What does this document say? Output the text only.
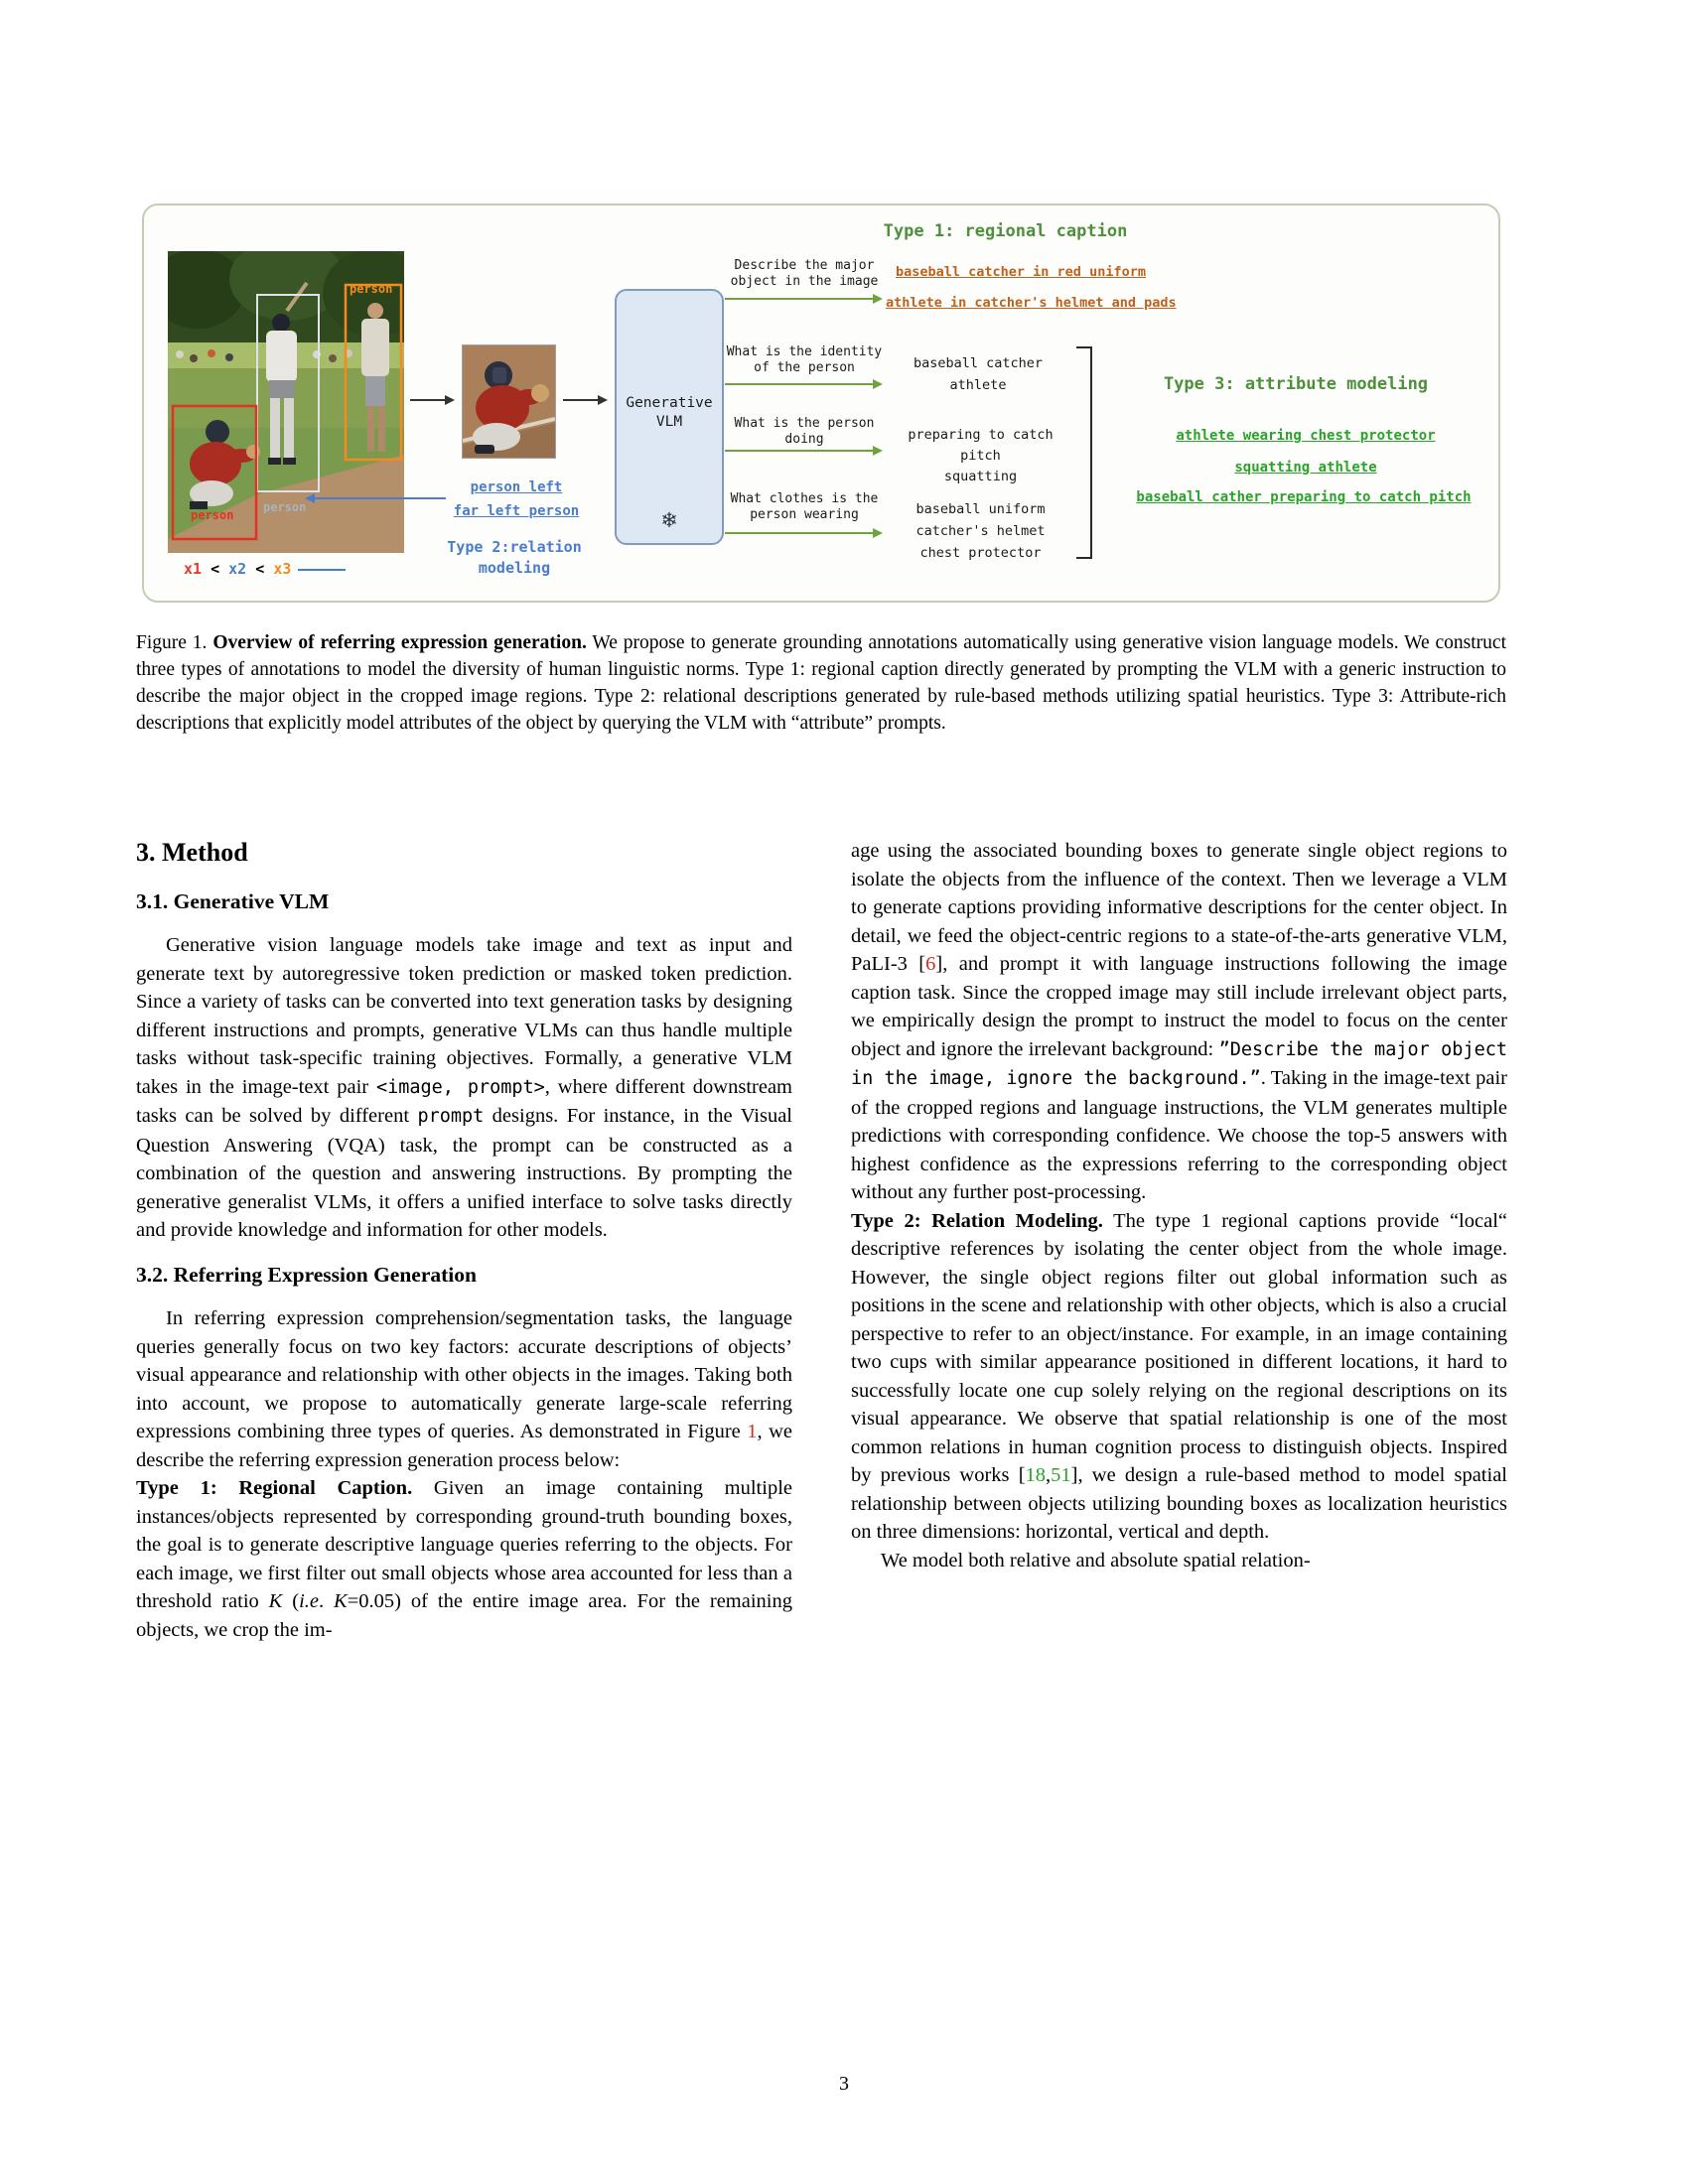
person
person
person
x1 < x2 < x3
Generative
VLM
❄
person left
far left person
Type 2:relation
modeling
Type 1: regional caption
Describe the major
object in the image
baseball catcher in red uniform
athlete in catcher's helmet and pads
What is the identity
of the person	baseball catcher
athlete
What is the person
doing	preparing to catch pitch
squatting
What clothes is the
person wearing	baseball uniform
catcher's helmet
chest protector
Type 3: attribute modeling
athlete wearing chest protector
squatting athlete
baseball cather preparing to catch pitch
Figure 1. Overview of referring expression generation. We propose to generate grounding annotations automatically using generative vision language models. We construct three types of annotations to model the diversity of human linguistic norms. Type 1: regional caption directly generated by prompting the VLM with a generic instruction to describe the major object in the cropped image regions. Type 2: relational descriptions generated by rule-based methods utilizing spatial heuristics. Type 3: Attribute-rich descriptions that explicitly model attributes of the object by querying the VLM with “attribute” prompts.
3. Method
3.1. Generative VLM

Generative vision language models take image and text as input and generate text by autoregressive token prediction or masked token prediction. Since a variety of tasks can be converted into text generation tasks by designing different instructions and prompts, generative VLMs can thus handle multiple tasks without task-specific training objectives. Formally, a generative VLM takes in the image-text pair <image, prompt>, where different downstream tasks can be solved by different prompt designs. For instance, in the Visual Question Answering (VQA) task, the prompt can be constructed as a combination of the question and answering instructions. By prompting the generative generalist VLMs, it offers a unified interface to solve tasks directly and provide knowledge and information for other models.

3.2. Referring Expression Generation

In referring expression comprehension/segmentation tasks, the language queries generally focus on two key factors: accurate descriptions of objects’ visual appearance and relationship with other objects in the images. Taking both into account, we propose to automatically generate large-scale referring expressions combining three types of queries. As demonstrated in Figure 1, we describe the referring expression generation process below:

Type 1: Regional Caption. Given an image containing multiple instances/objects represented by corresponding ground-truth bounding boxes, the goal is to generate descriptive language queries referring to the objects. For each image, we first filter out small objects whose area accounted for less than a threshold ratio K (i.e. K=0.05) of the entire image area. For the remaining objects, we crop the im-

age using the associated bounding boxes to generate single object regions to isolate the objects from the influence of the context. Then we leverage a VLM to generate captions providing informative descriptions for the center object. In detail, we feed the object-centric regions to a state-of-the-arts generative VLM, PaLI-3 [6], and prompt it with language instructions following the image caption task. Since the cropped image may still include irrelevant object parts, we empirically design the prompt to instruct the model to focus on the center object and ignore the irrelevant background: ”Describe the major object in the image, ignore the background.”. Taking in the image-text pair of the cropped regions and language instructions, the VLM generates multiple predictions with corresponding confidence. We choose the top-5 answers with highest confidence as the expressions referring to the corresponding object without any further post-processing.

Type 2: Relation Modeling. The type 1 regional captions provide “local“ descriptive references by isolating the center object from the whole image. However, the single object regions filter out global information such as positions in the scene and relationship with other objects, which is also a crucial perspective to refer to an object/instance. For example, in an image containing two cups with similar appearance positioned in different locations, it hard to successfully locate one cup solely relying on the regional descriptions on its visual appearance. We observe that spatial relationship is one of the most common relations in human cognition process to distinguish objects. Inspired by previous works [18,51], we design a rule-based method to model spatial relationship between objects utilizing bounding boxes as localization heuristics on three dimensions: horizontal, vertical and depth.

We model both relative and absolute spatial relation-

3
